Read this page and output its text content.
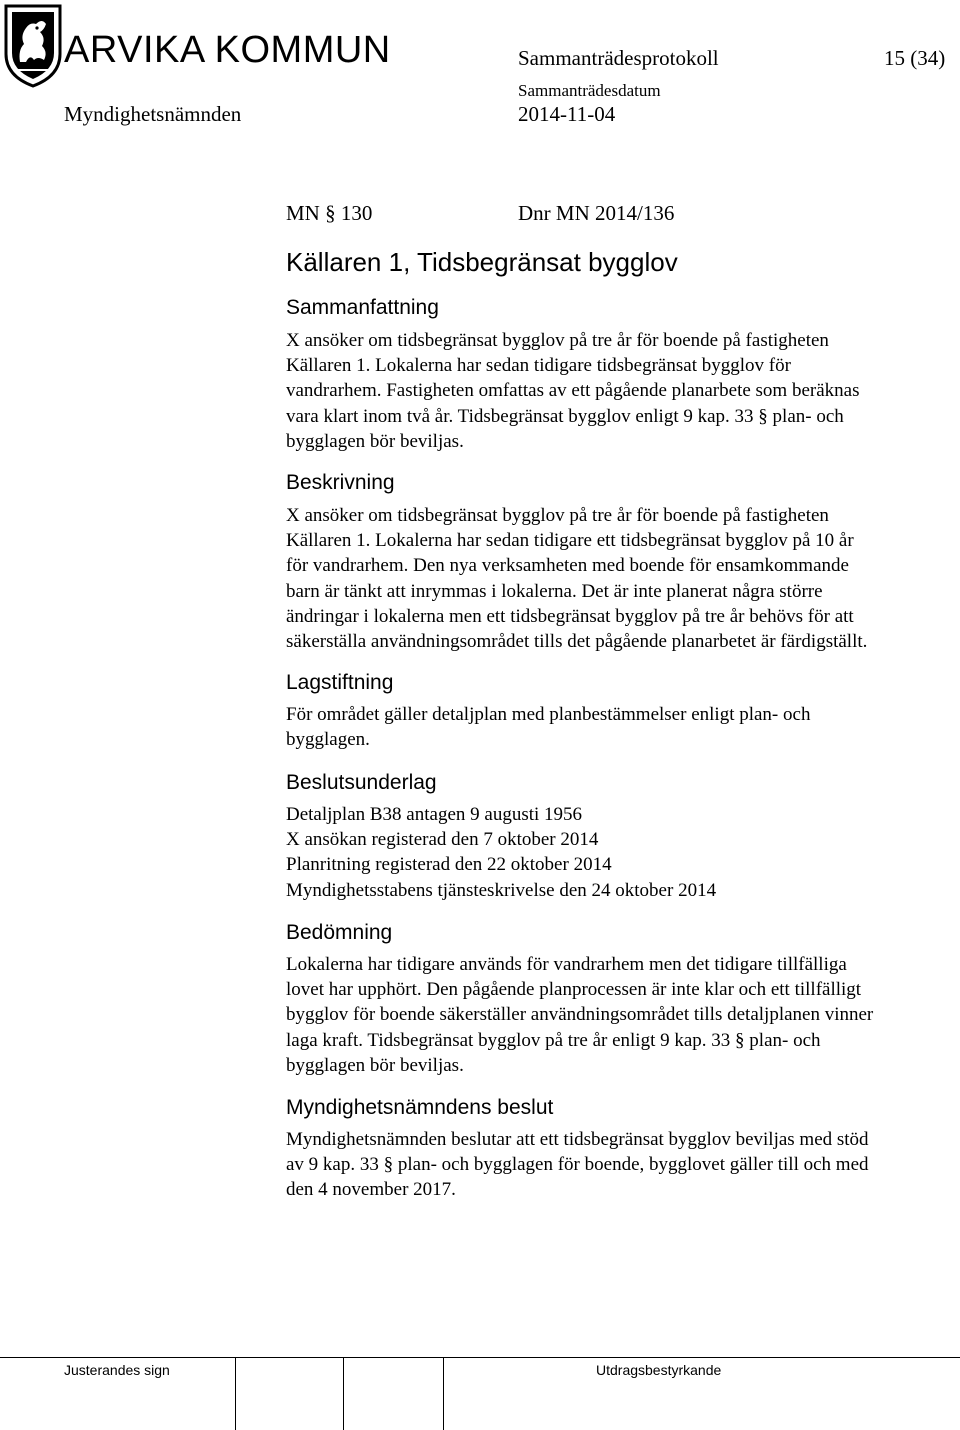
ARVIKA KOMMUN	Sammanträdesprotokoll	15 (34)
Sammanträdesdatum
Myndighetsnämnden	2014-11-04
MN § 130	Dnr MN 2014/136
Källaren 1, Tidsbegränsat bygglov
Sammanfattning

X ansöker om tidsbegränsat bygglov på tre år för boende på fastigheten

Källaren 1. Lokalerna har sedan tidigare tidsbegränsat bygglov för

vandrarhem. Fastigheten omfattas av ett pågående planarbete som beräknas

vara klart inom två år. Tidsbegränsat bygglov enligt 9 kap. 33 § plan- och

bygglagen bör beviljas.

Beskrivning

X ansöker om tidsbegränsat bygglov på tre år för boende på fastigheten

Källaren 1. Lokalerna har sedan tidigare ett tidsbegränsat bygglov på 10 år

för vandrarhem. Den nya verksamheten med boende för ensamkommande

barn är tänkt att inrymmas i lokalerna. Det är inte planerat några större

ändringar i lokalerna men ett tidsbegränsat bygglov på tre år behövs för att

säkerställa användningsområdet tills det pågående planarbetet är färdigställt.

Lagstiftning

För området gäller detaljplan med planbestämmelser enligt plan- och

bygglagen.

Beslutsunderlag

Detaljplan B38 antagen 9 augusti 1956

X ansökan registerad den 7 oktober 2014

Planritning registerad den 22 oktober 2014

Myndighetsstabens tjänsteskrivelse den 24 oktober 2014

Bedömning

Lokalerna har tidigare används för vandrarhem men det tidigare tillfälliga

lovet har upphört. Den pågående planprocessen är inte klar och ett tillfälligt

bygglov för boende säkerställer användningsområdet tills detaljplanen vinner

laga kraft. Tidsbegränsat bygglov på tre år enligt 9 kap. 33 § plan- och

bygglagen bör beviljas.

Myndighetsnämndens beslut

Myndighetsnämnden beslutar att ett tidsbegränsat bygglov beviljas med stöd

av 9 kap. 33 § plan- och bygglagen för boende, bygglovet gäller till och med

den 4 november 2017.

Justerandes sign	Utdragsbestyrkande
